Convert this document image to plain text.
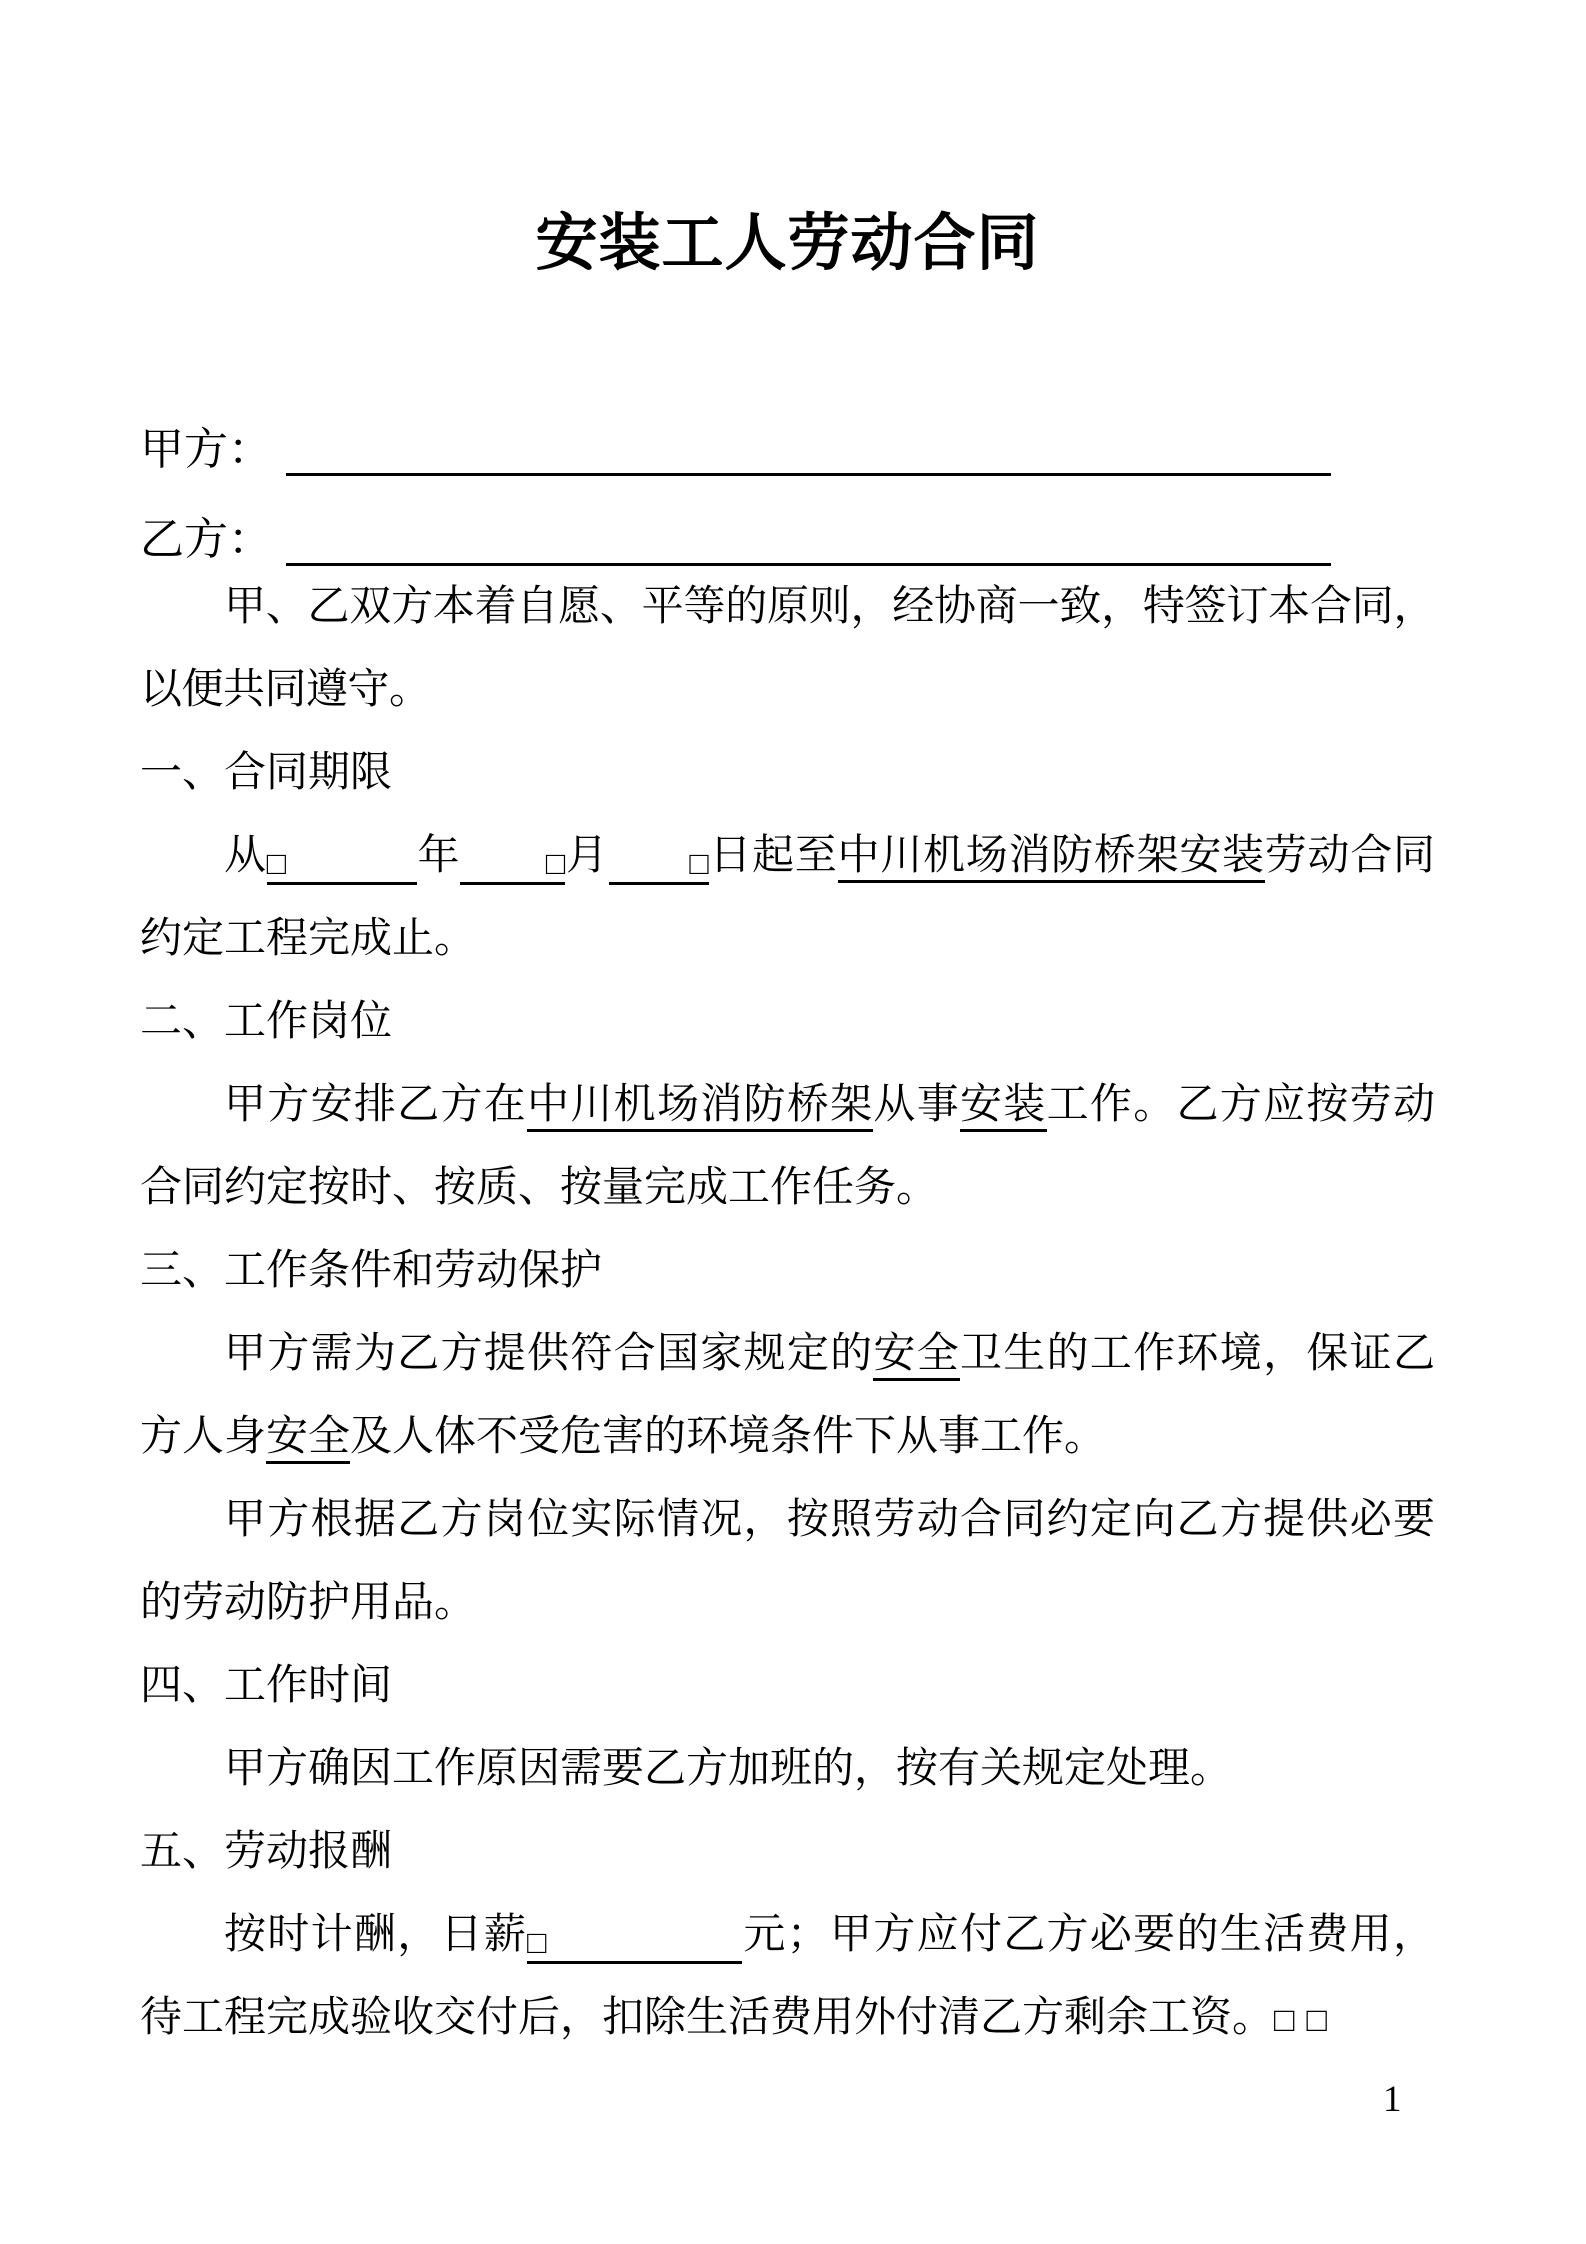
安装工人劳动合同
甲方：
乙方：

甲、乙双方本着自愿、平等的原则，经协商一致，特签订本合同，以便共同遵守。

一、合同期限

从□	年	□月	□日起至中川机场消防桥架安装劳动合同约定工程完成止。

二、工作岗位

甲方安排乙方在中川机场消防桥架从事安装工作。乙方应按劳动合同约定按时、按质、按量完成工作任务。

三、工作条件和劳动保护

甲方需为乙方提供符合国家规定的安全卫生的工作环境，保证乙方人身安全及人体不受危害的环境条件下从事工作。

甲方根据乙方岗位实际情况，按照劳动合同约定向乙方提供必要的劳动防护用品。

四、工作时间

甲方确因工作原因需要乙方加班的，按有关规定处理。

五、劳动报酬

按时计酬，日薪□	元；甲方应付乙方必要的生活费用，待工程完成验收交付后，扣除生活费用外付清乙方剩余工资。□□

1
